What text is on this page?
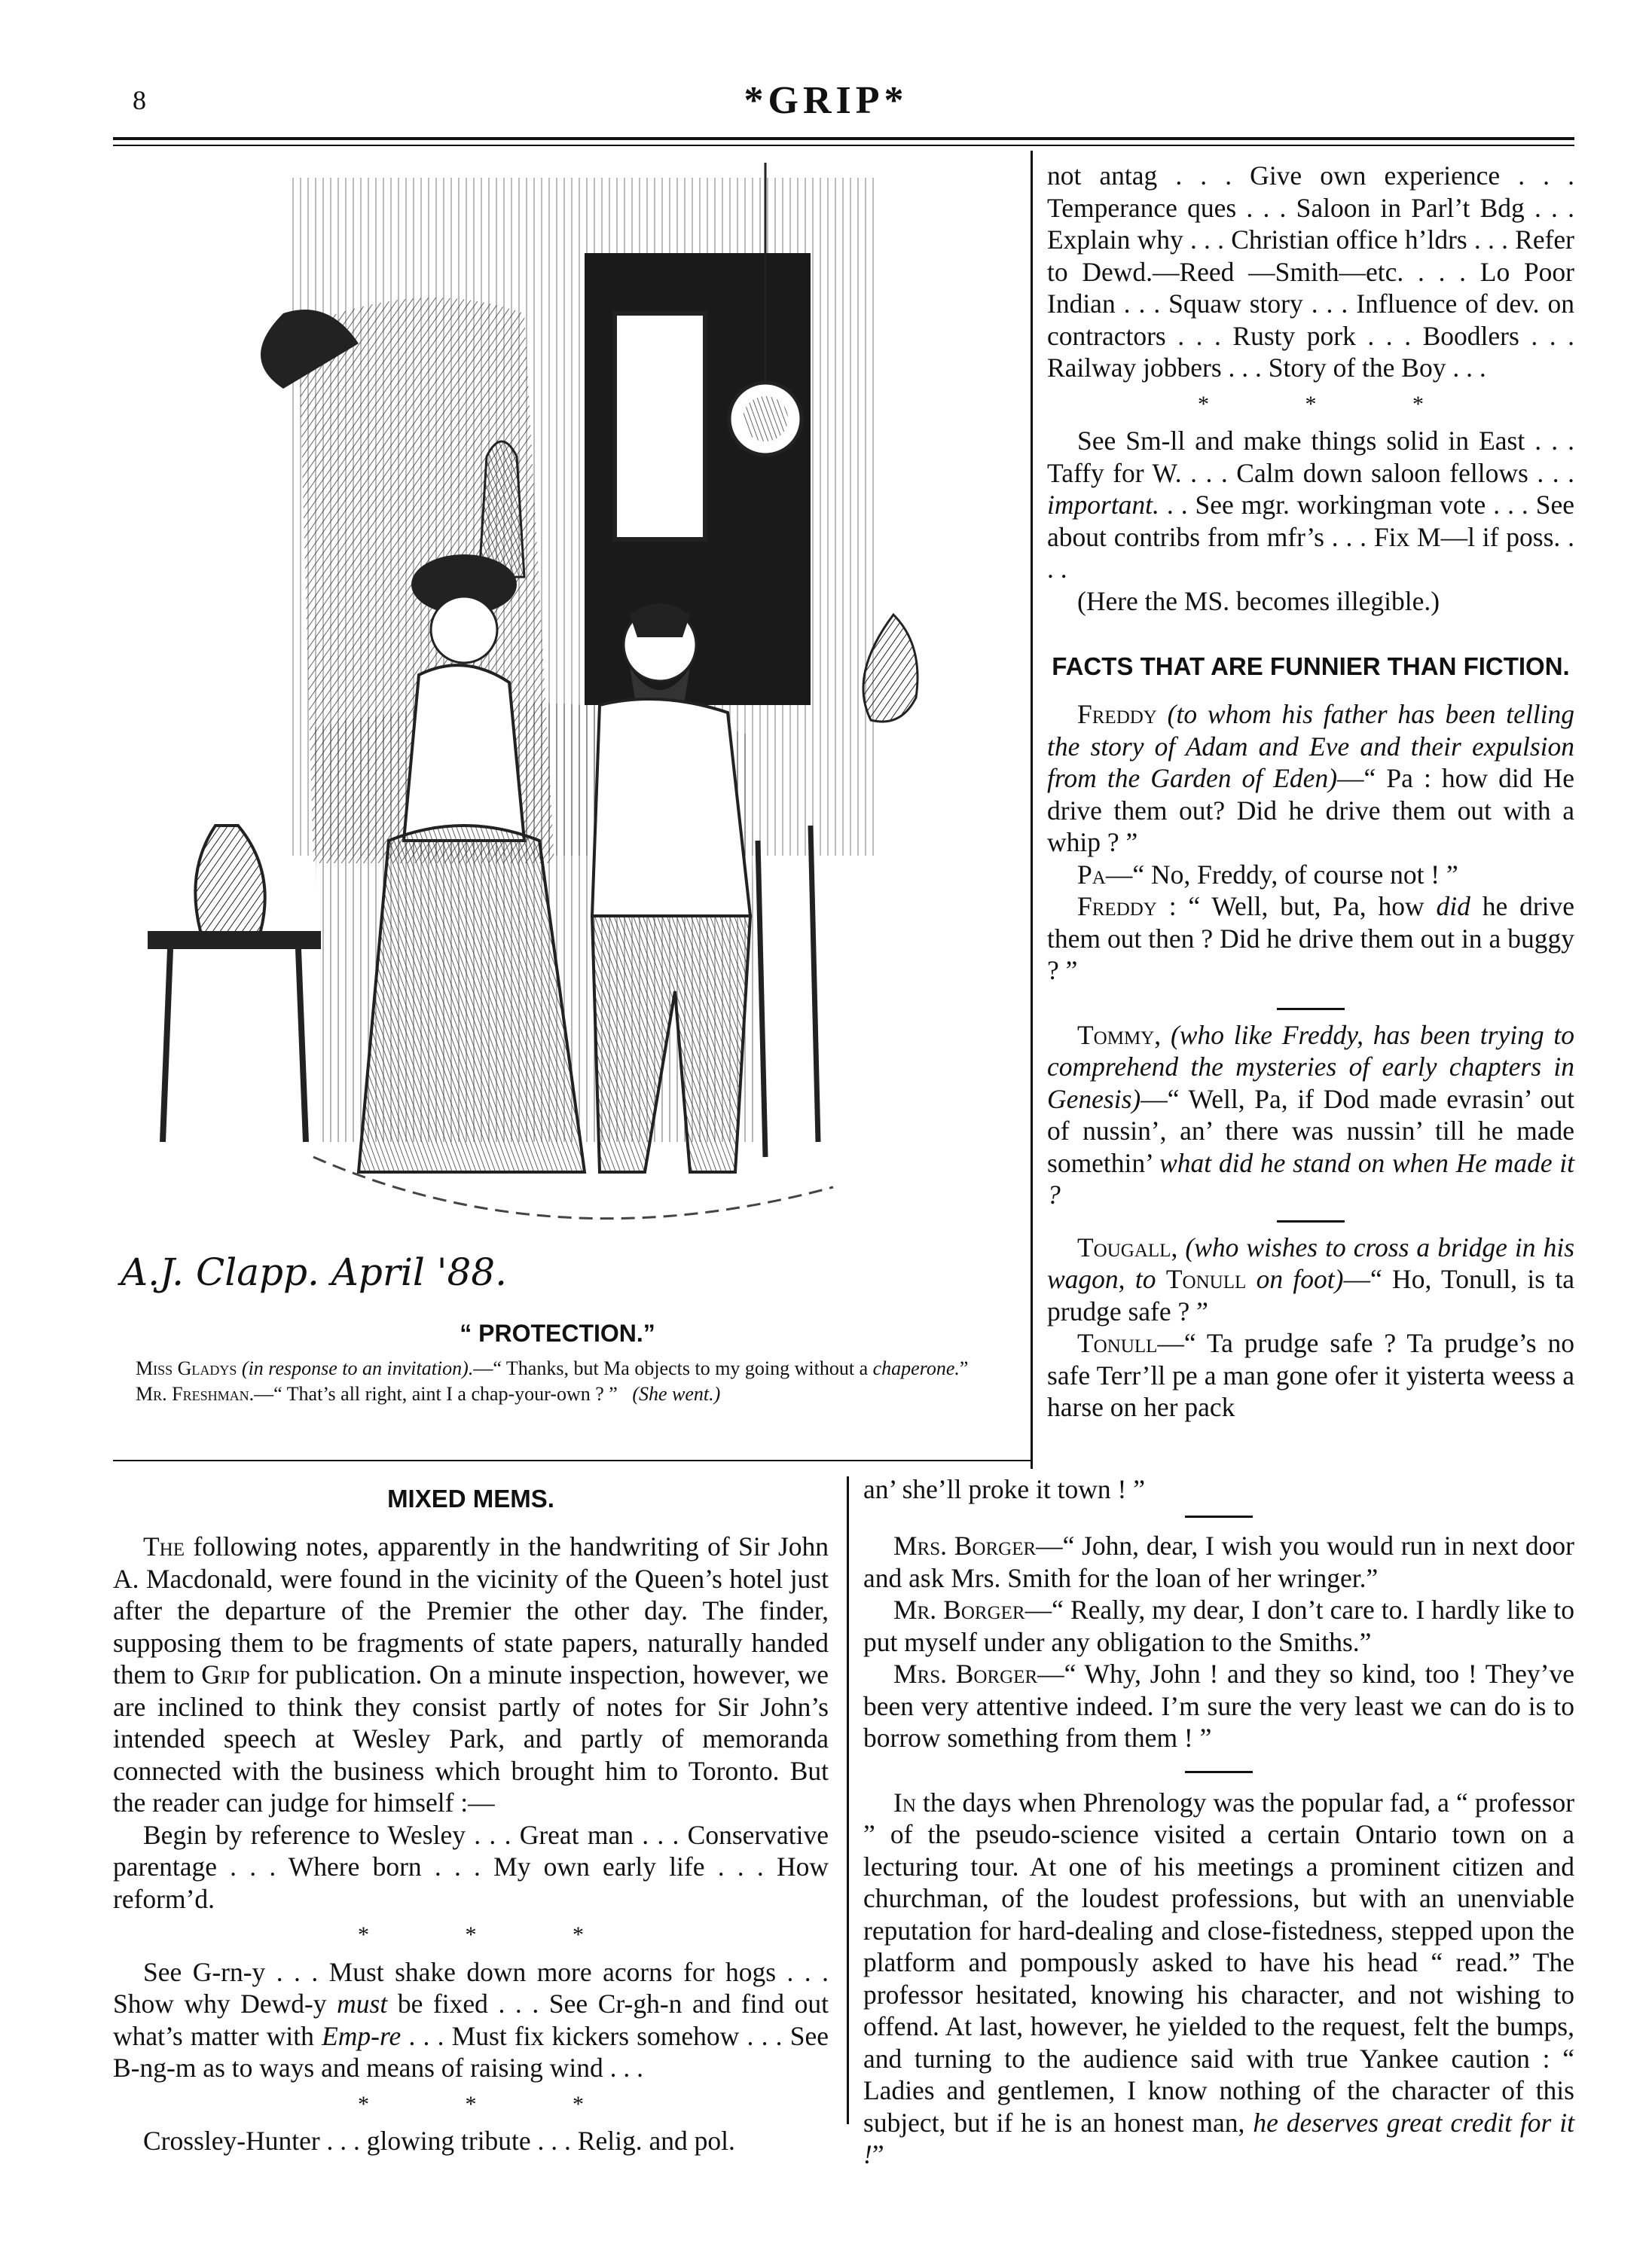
8	*GRIP*
A.J. Clapp. April '88.
“ PROTECTION.”

Miss Gladys (in response to an invitation).—“ Thanks, but Ma objects to my going without a chaperone.”

Mr. Freshman.—“ That’s all right, aint I a chap-your-own ? ” (She went.)

not antag . . . Give own experience . . . Temperance ques . . . Saloon in Parl’t Bdg . . . Explain why . . . Christian office h’ldrs . . . Refer to Dewd.—Reed —Smith—etc. . . . Lo Poor Indian . . . Squaw story . . . Influence of dev. on contractors . . . Rusty pork . . . Boodlers . . . Railway jobbers . . . Story of the Boy . . .

* * *

See Sm-ll and make things solid in East . . . Taffy for W. . . . Calm down saloon fellows . . . important. . . See mgr. workingman vote . . . See about contribs from mfr’s . . . Fix M—l if poss. . . .

(Here the MS. becomes illegible.)

FACTS THAT ARE FUNNIER THAN FICTION.

Freddy (to whom his father has been telling the story of Adam and Eve and their expulsion from the Garden of Eden)—“ Pa : how did He drive them out? Did he drive them out with a whip ? ”

Pa—“ No, Freddy, of course not ! ”

Freddy : “ Well, but, Pa, how did he drive them out then ? Did he drive them out in a buggy ? ”

Tommy, (who like Freddy, has been trying to comprehend the mysteries of early chapters in Genesis)—“ Well, Pa, if Dod made evrasin’ out of nussin’, an’ there was nussin’ till he made somethin’ what did he stand on when He made it ?

Tougall, (who wishes to cross a bridge in his wagon, to Tonull on foot)—“ Ho, Tonull, is ta prudge safe ? ”

Tonull—“ Ta prudge safe ? Ta prudge’s no safe Terr’ll pe a man gone ofer it yisterta weess a harse on her pack

an’ she’ll proke it town ! ”

Mrs. Borger—“ John, dear, I wish you would run in next door and ask Mrs. Smith for the loan of her wringer.”

Mr. Borger—“ Really, my dear, I don’t care to. I hardly like to put myself under any obligation to the Smiths.”

Mrs. Borger—“ Why, John ! and they so kind, too ! They’ve been very attentive indeed. I’m sure the very least we can do is to borrow something from them ! ”

In the days when Phrenology was the popular fad, a “ professor ” of the pseudo-science visited a certain Ontario town on a lecturing tour. At one of his meetings a prominent citizen and churchman, of the loudest professions, but with an unenviable reputation for hard-dealing and close-fistedness, stepped upon the platform and pompously asked to have his head “ read.” The professor hesitated, knowing his character, and not wishing to offend. At last, however, he yielded to the request, felt the bumps, and turning to the audience said with true Yankee caution : “ Ladies and gentlemen, I know nothing of the character of this subject, but if he is an honest man, he deserves great credit for it !”

MIXED MEMS.

The following notes, apparently in the handwriting of Sir John A. Macdonald, were found in the vicinity of the Queen’s hotel just after the departure of the Premier the other day. The finder, supposing them to be fragments of state papers, naturally handed them to Grip for publication. On a minute inspection, however, we are inclined to think they consist partly of notes for Sir John’s intended speech at Wesley Park, and partly of memoranda connected with the business which brought him to Toronto. But the reader can judge for himself :—

Begin by reference to Wesley . . . Great man . . . Conservative parentage . . . Where born . . . My own early life . . . How reform’d.

* * *

See G-rn-y . . . Must shake down more acorns for hogs . . . Show why Dewd-y must be fixed . . . See Cr-gh-n and find out what’s matter with Emp-re . . . Must fix kickers somehow . . . See B-ng-m as to ways and means of raising wind . . .

* * *

Crossley-Hunter . . . glowing tribute . . . Relig. and pol.
